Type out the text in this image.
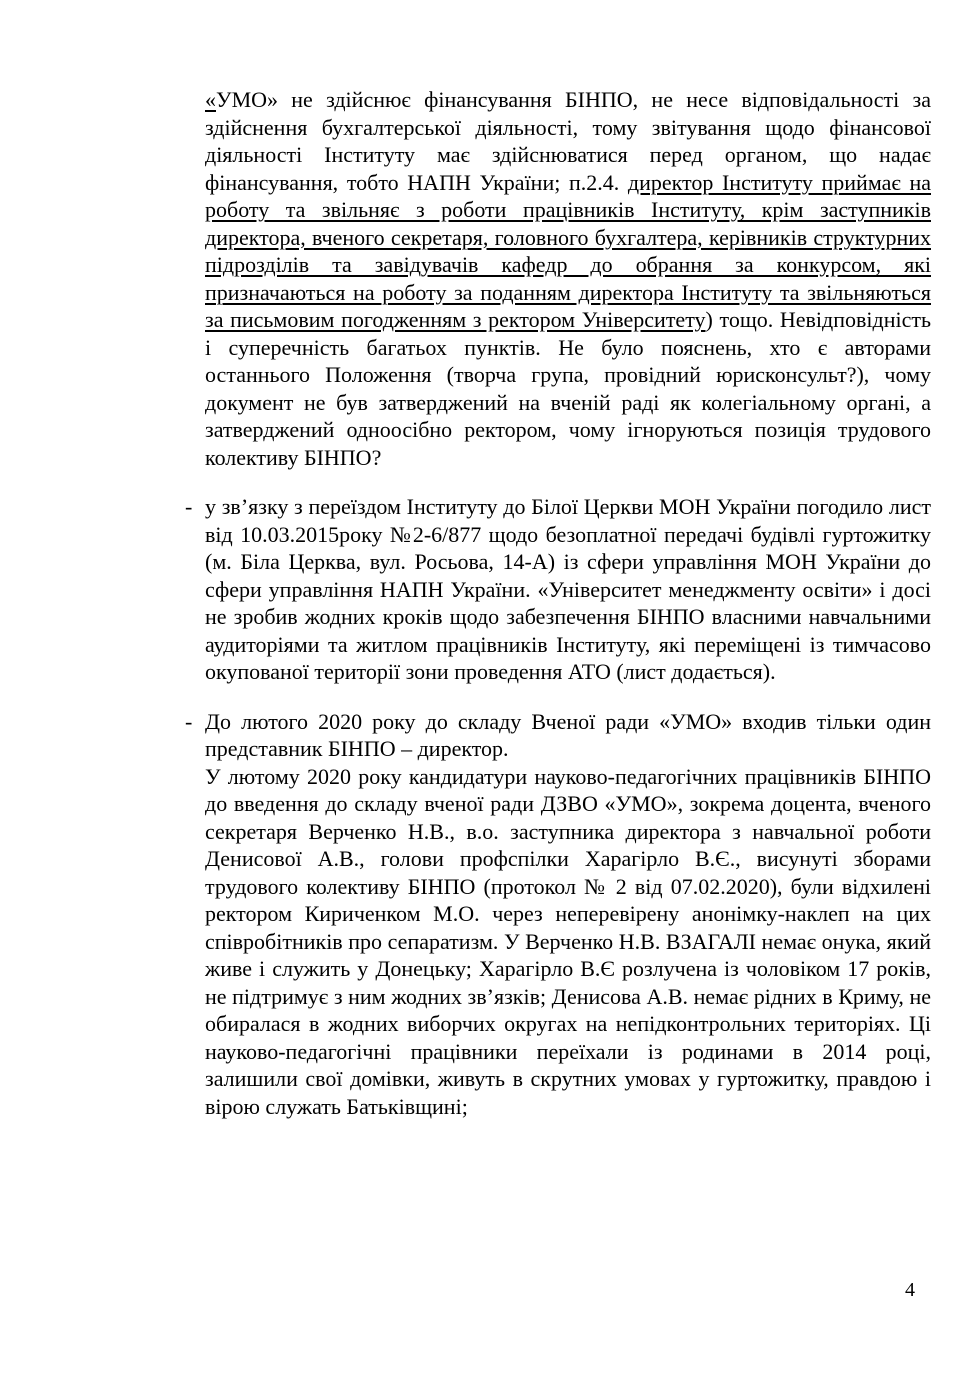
«УМО» не здійснює фінансування БІНПО, не несе відповідальності за здійснення бухгалтерської діяльності, тому звітування щодо фінансової діяльності Інституту має здійснюватися перед органом, що надає фінансування, тобто НАПН України; п.2.4. директор Інституту приймає на роботу та звільняє з роботи працівників Інституту, крім заступників директора, вченого секретаря, головного бухгалтера, керівників структурних підрозділів та завідувачів кафедр до обрання за конкурсом, які призначаються на роботу за поданням директора Інституту та звільняються за письмовим погодженням з ректором Університету) тощо. Невідповідність і суперечність багатьох пунктів. Не було пояснень, хто є авторами останнього Положення (творча група, провідний юрисконсульт?), чому документ не був затверджений на вченій раді як колегіальному органі, а затверджений одноосібно ректором, чому ігноруються позиція трудового колективу БІНПО?

- у зв’язку з переїздом Інституту до Білої Церкви МОН України погодило лист від 10.03.2015року №2-6/877 щодо безоплатної передачі будівлі гуртожитку (м. Біла Церква, вул. Росьова, 14-А) із сфери управління МОН України до сфери управління НАПН України. «Університет менеджменту освіти» і досі не зробив жодних кроків щодо забезпечення БІНПО власними навчальними аудиторіями та житлом працівників Інституту, які переміщені із тимчасово окупованої території зони проведення АТО (лист додається).

- До лютого 2020 року до складу Вченої ради «УМО» входив тільки один представник БІНПО – директор.
У лютому 2020 року кандидатури науково-педагогічних працівників БІНПО до введення до складу вченої ради ДЗВО «УМО», зокрема доцента, вченого секретаря Верченко Н.В., в.о. заступника директора з навчальної роботи Денисової А.В., голови профспілки Харагірло В.Є., висунуті зборами трудового колективу БІНПО (протокол № 2 від 07.02.2020), були відхилені ректором Кириченком М.О. через неперевірену анонімку-наклеп на цих співробітників про сепаратизм. У Верченко Н.В. ВЗАГАЛІ немає онука, який живе і служить у Донецьку; Харагірло В.Є розлучена із чоловіком 17 років, не підтримує з ним жодних зв’язків; Денисова А.В. немає рідних в Криму, не обиралася в жодних виборчих округах на непідконтрольних територіях. Ці науково-педагогічні працівники переїхали із родинами в 2014 році, залишили свої домівки, живуть в скрутних умовах у гуртожитку, правдою і вірою служать Батьківщині;

4
